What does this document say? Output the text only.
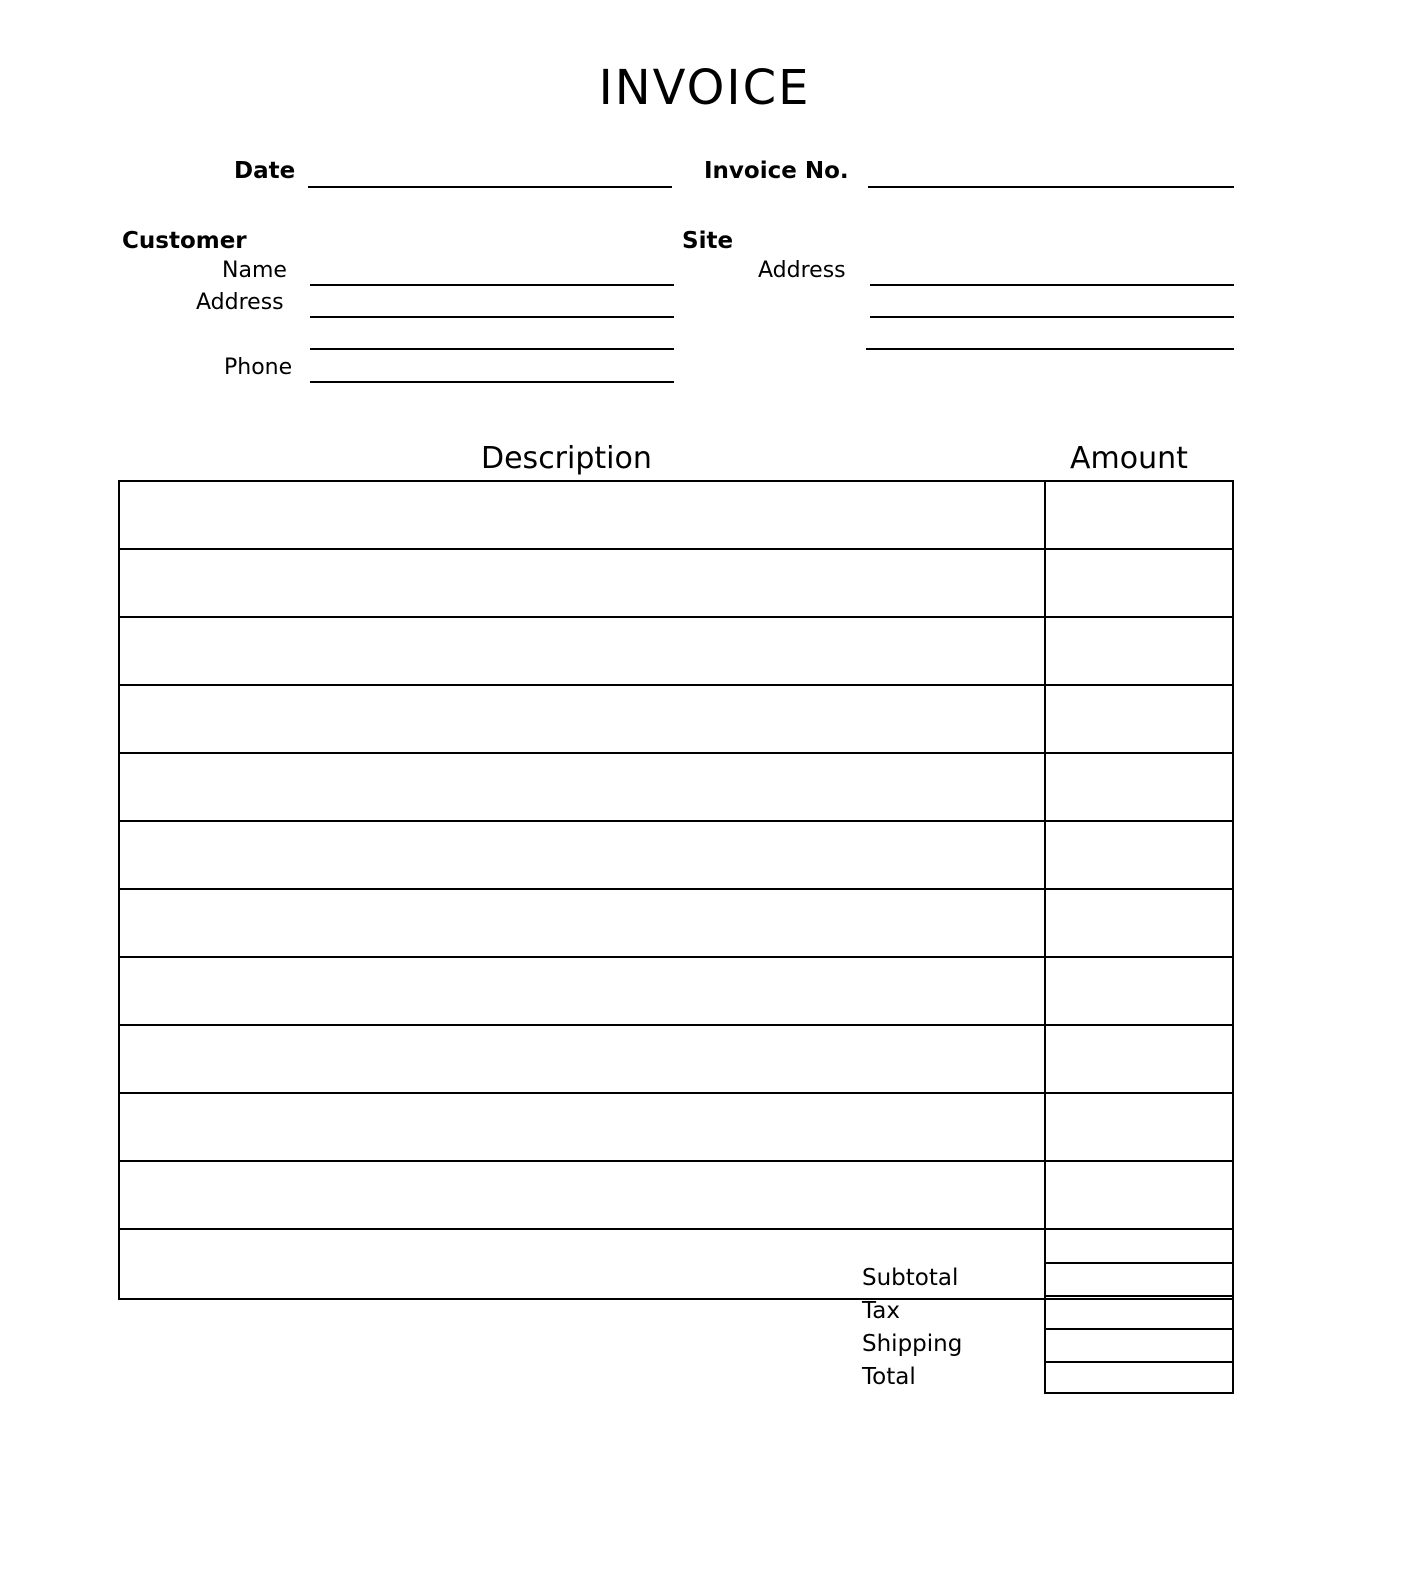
INVOICE
Date	Invoice No.
Customer	Site
Name
Address
Phone
Address
Description	Amount
Subtotal
Tax
Shipping
Total
